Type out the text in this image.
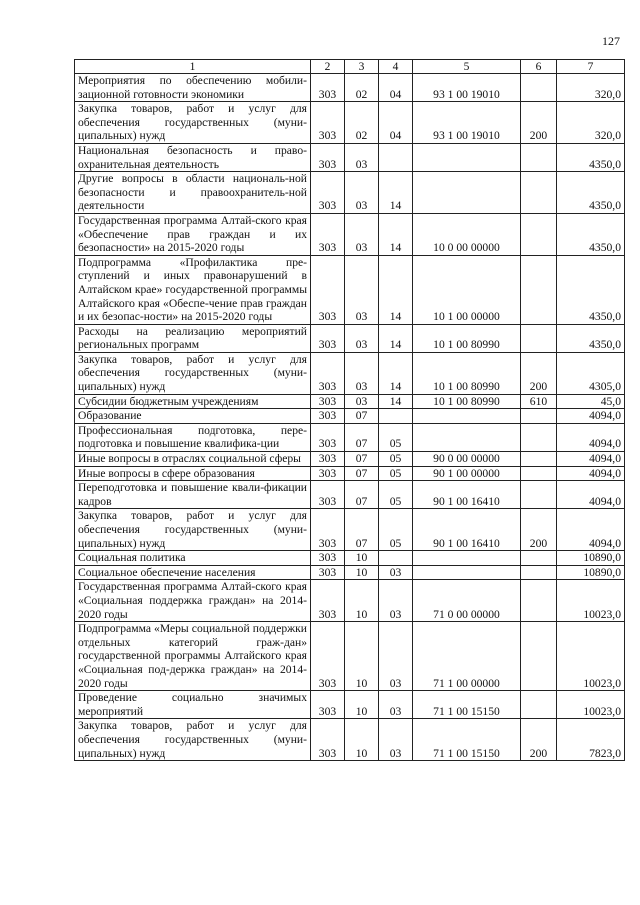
127
1	2	3	4	5	6	7
Мероприятия по обеспечению мобили-зационной готовности экономики	303	02	04	93 1 00 19010		320,0
Закупка товаров, работ и услуг для обеспечения государственных (муни-ципальных) нужд	303	02	04	93 1 00 19010	200	320,0
Национальная безопасность и право-охранительная деятельность	303	03				4350,0
Другие вопросы в области националь-ной безопасности и правоохранитель-ной деятельности	303	03	14			4350,0
Государственная программа Алтай-ского края «Обеспечение прав граждан и их безопасности» на 2015-2020 годы	303	03	14	10 0 00 00000		4350,0
Подпрограмма «Профилактика пре-ступлений и иных правонарушений в Алтайском крае» государственной программы Алтайского края «Обеспе-чение прав граждан и их безопас-ности» на 2015-2020 годы	303	03	14	10 1 00 00000		4350,0
Расходы на реализацию мероприятий региональных программ	303	03	14	10 1 00 80990		4350,0
Закупка товаров, работ и услуг для обеспечения государственных (муни-ципальных) нужд	303	03	14	10 1 00 80990	200	4305,0
Субсидии бюджетным учреждениям	303	03	14	10 1 00 80990	610	45,0
Образование	303	07				4094,0
Профессиональная подготовка, пере-подготовка и повышение квалифика-ции	303	07	05			4094,0
Иные вопросы в отраслях социальной сферы	303	07	05	90 0 00 00000		4094,0
Иные вопросы в сфере образования	303	07	05	90 1 00 00000		4094,0
Переподготовка и повышение квали-фикации кадров	303	07	05	90 1 00 16410		4094,0
Закупка товаров, работ и услуг для обеспечения государственных (муни-ципальных) нужд	303	07	05	90 1 00 16410	200	4094,0
Социальная политика	303	10				10890,0
Социальное обеспечение населения	303	10	03			10890,0
Государственная программа Алтай-ского края «Социальная поддержка граждан» на 2014-2020 годы	303	10	03	71 0 00 00000		10023,0
Подпрограмма «Меры социальной поддержки отдельных категорий граж-дан» государственной программы Алтайского края «Социальная под-держка граждан» на 2014-2020 годы	303	10	03	71 1 00 00000		10023,0
Проведение социально значимых мероприятий	303	10	03	71 1 00 15150		10023,0
Закупка товаров, работ и услуг для обеспечения государственных (муни-ципальных) нужд	303	10	03	71 1 00 15150	200	7823,0
